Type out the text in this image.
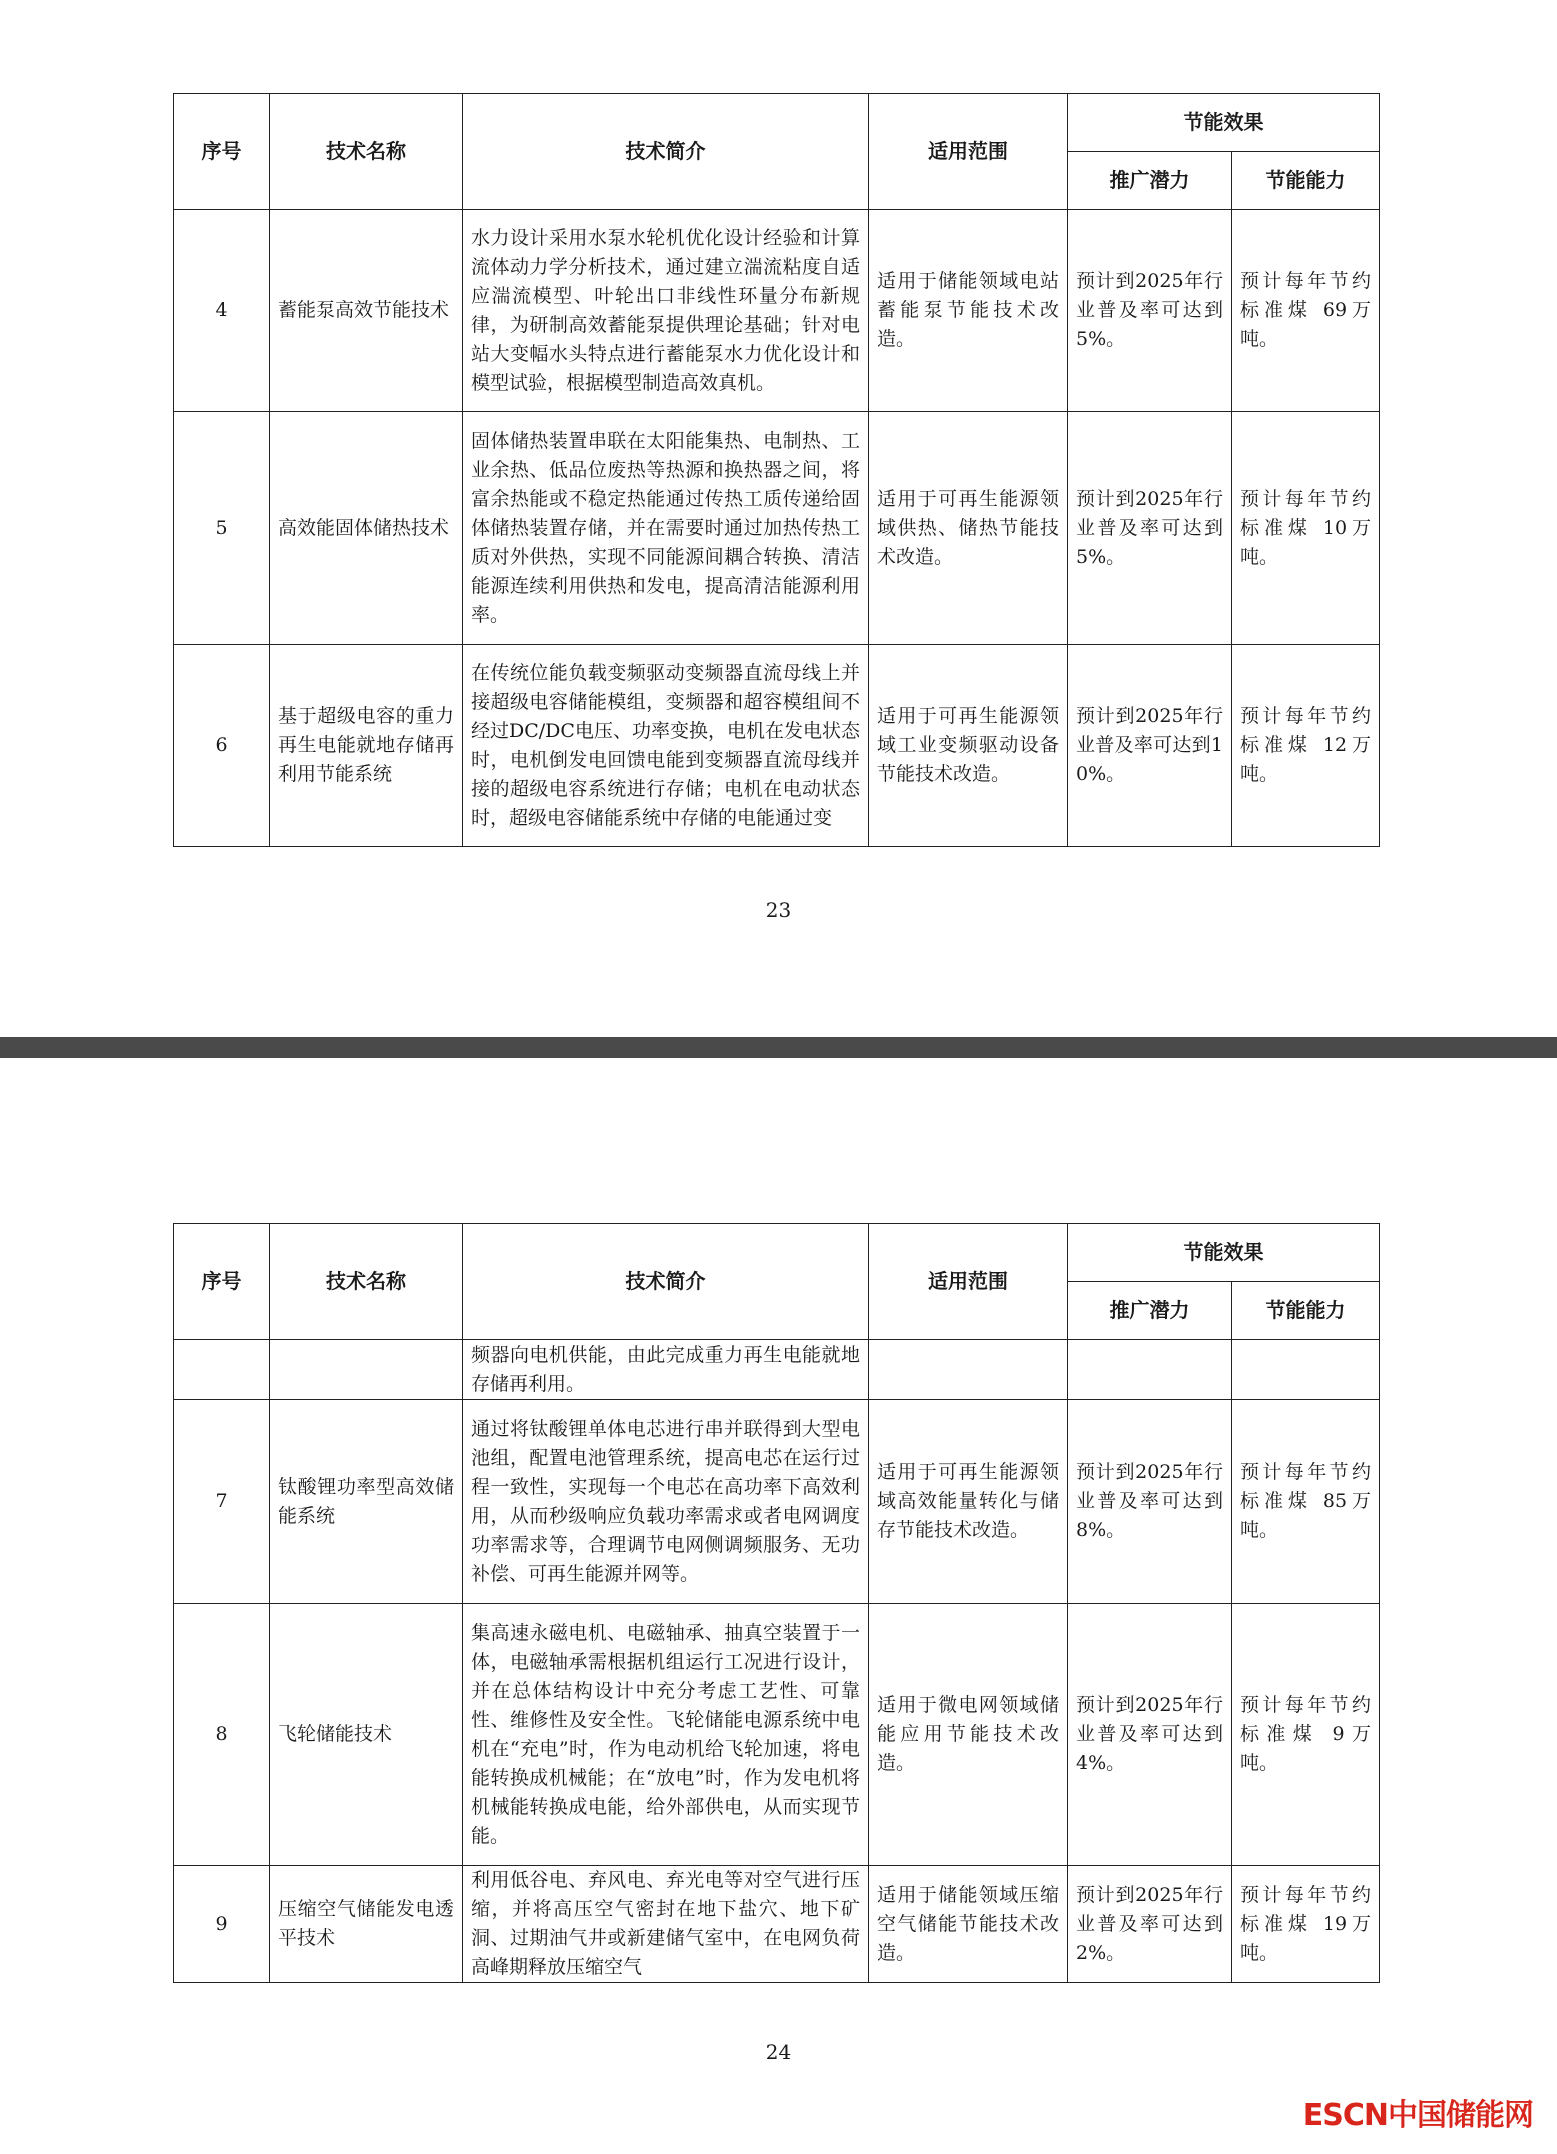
序号	技术名称	技术简介	适用范围	节能效果	
				推广潜力	节能能力
4	蓄能泵高效节能技术	水力设计采用水泵水轮机优化设计经验和计算流体动力学分析技术，通过建立湍流粘度自适应湍流模型、叶轮出口非线性环量分布新规律，为研制高效蓄能泵提供理论基础；针对电站大变幅水头特点进行蓄能泵水力优化设计和模型试验，根据模型制造高效真机。	适用于储能领域电站蓄能泵节能技术改造。	预计到2025年行业普及率可达到5%。	预计每年节约标准煤 69万吨。
5	高效能固体储热技术	固体储热装置串联在太阳能集热、电制热、工业余热、低品位废热等热源和换热器之间，将富余热能或不稳定热能通过传热工质传递给固体储热装置存储，并在需要时通过加热传热工质对外供热，实现不同能源间耦合转换、清洁能源连续利用供热和发电，提高清洁能源利用率。	适用于可再生能源领域供热、储热节能技术改造。	预计到2025年行业普及率可达到5%。	预计每年节约标准煤 10万吨。
6	基于超级电容的重力再生电能就地存储再利用节能系统	在传统位能负载变频驱动变频器直流母线上并接超级电容储能模组，变频器和超容模组间不经过DC/DC电压、功率变换，电机在发电状态时，电机倒发电回馈电能到变频器直流母线并接的超级电容系统进行存储；电机在电动状态时，超级电容储能系统中存储的电能通过变	适用于可再生能源领域工业变频驱动设备节能技术改造。	预计到2025年行业普及率可达到10%。	预计每年节约标准煤 12万吨。
23
序号	技术名称	技术简介	适用范围	节能效果	
				推广潜力	节能能力
		频器向电机供能，由此完成重力再生电能就地存储再利用。			
7	钛酸锂功率型高效储能系统	通过将钛酸锂单体电芯进行串并联得到大型电池组，配置电池管理系统，提高电芯在运行过程一致性，实现每一个电芯在高功率下高效利用，从而秒级响应负载功率需求或者电网调度功率需求等，合理调节电网侧调频服务、无功补偿、可再生能源并网等。	适用于可再生能源领域高效能量转化与储存节能技术改造。	预计到2025年行业普及率可达到8%。	预计每年节约标准煤 85万吨。
8	飞轮储能技术	集高速永磁电机、电磁轴承、抽真空装置于一体，电磁轴承需根据机组运行工况进行设计，并在总体结构设计中充分考虑工艺性、可靠性、维修性及安全性。飞轮储能电源系统中电机在“充电”时，作为电动机给飞轮加速，将电能转换成机械能；在“放电”时，作为发电机将机械能转换成电能，给外部供电，从而实现节能。	适用于微电网领域储能应用节能技术改造。	预计到2025年行业普及率可达到4%。	预计每年节约标准煤 9万吨。
9	压缩空气储能发电透平技术	利用低谷电、弃风电、弃光电等对空气进行压缩，并将高压空气密封在地下盐穴、地下矿洞、过期油气井或新建储气室中，在电网负荷高峰期释放压缩空气	适用于储能领域压缩空气储能节能技术改造。	预计到2025年行业普及率可达到2%。	预计每年节约标准煤 19万吨。
24
ESCN中国储能网
